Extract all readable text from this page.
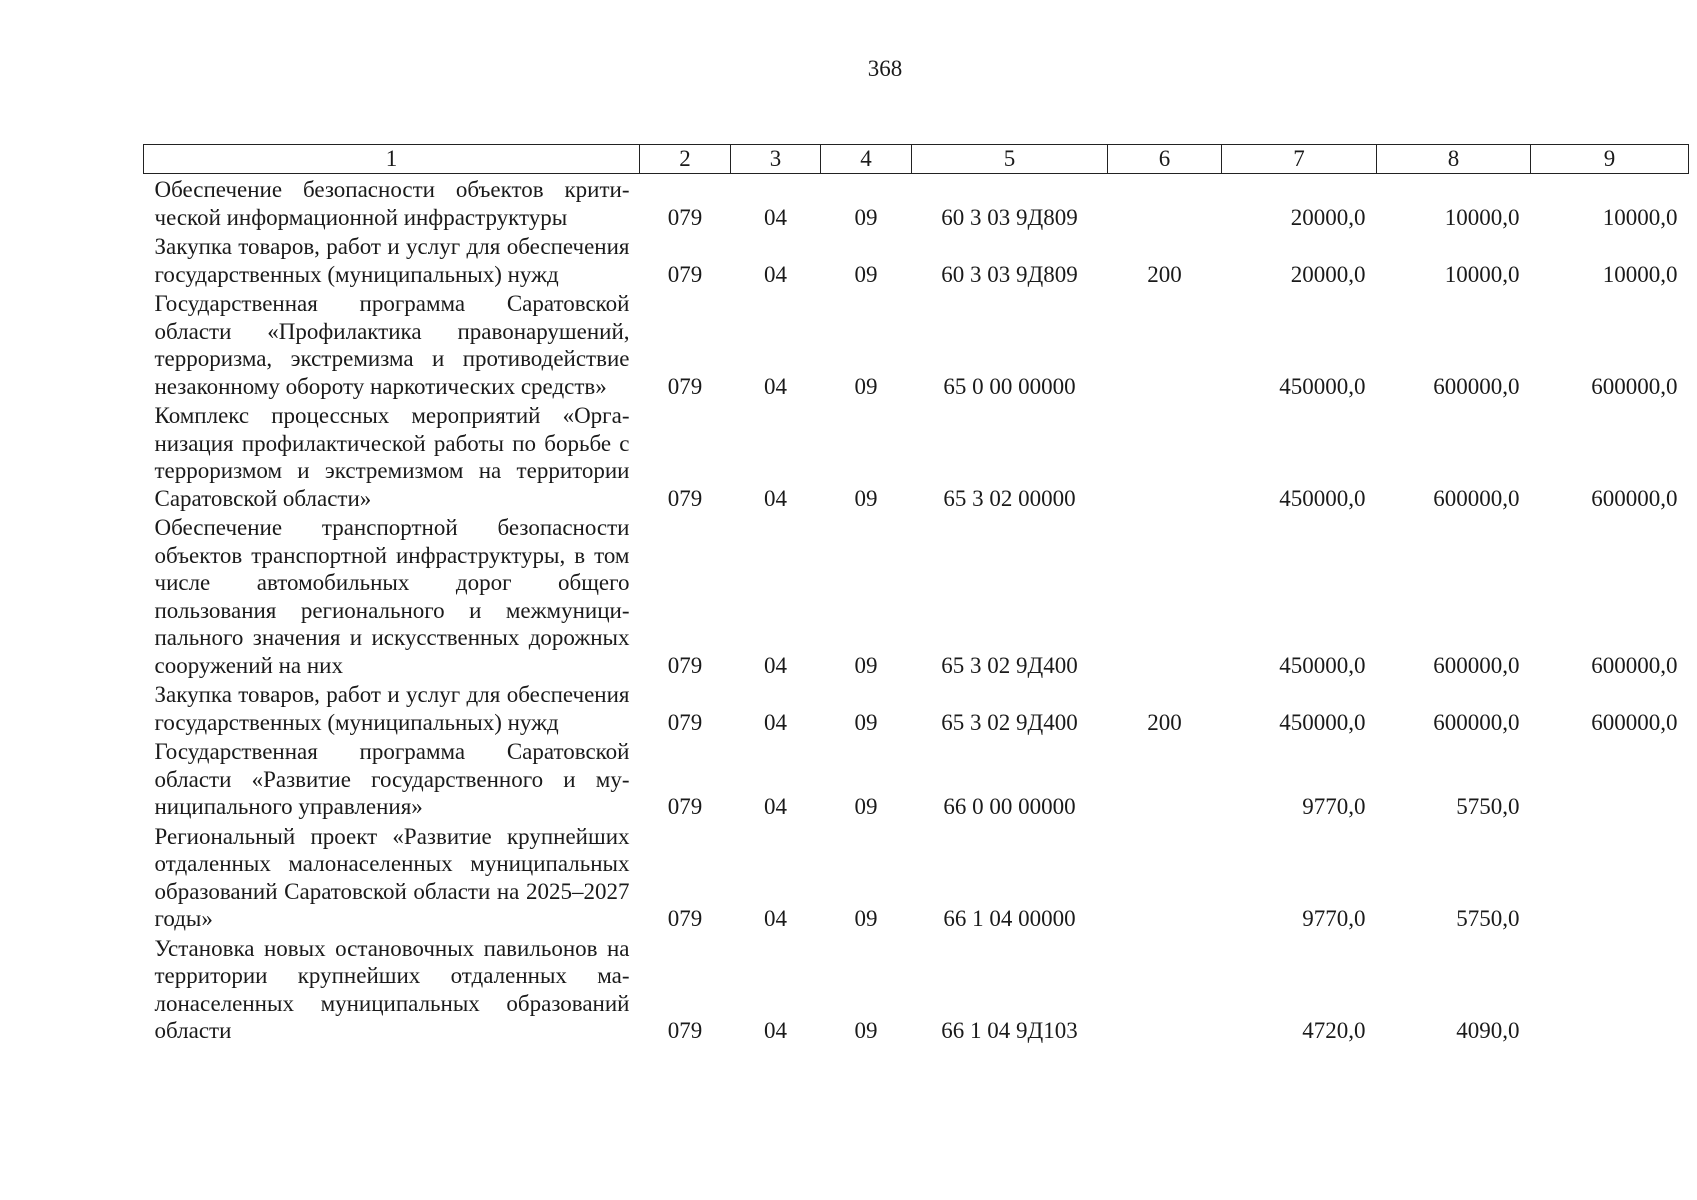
368
1	2	3	4	5	6	7	8	9
Обеспечение безопасности объектов критической информационной инфраструктуры	079	04	09	60 3 03 9Д809		20000,0	10000,0	10000,0
Закупка товаров, работ и услуг для обеспечения государственных (муниципальных) нужд	079	04	09	60 3 03 9Д809	200	20000,0	10000,0	10000,0
Государственная программа Саратовской области «Профилактика правонарушений, терроризма, экстремизма и противодействие незаконному обороту наркотических средств»	079	04	09	65 0 00 00000		450000,0	600000,0	600000,0
Комплекс процессных мероприятий «Организация профилактической работы по борьбе с терроризмом и экстремизмом на территории Саратовской области»	079	04	09	65 3 02 00000		450000,0	600000,0	600000,0
Обеспечение транспортной безопасности объектов транспортной инфраструктуры, в том числе автомобильных дорог общего пользования регионального и межмуниципального значения и искусственных дорожных сооружений на них	079	04	09	65 3 02 9Д400		450000,0	600000,0	600000,0
Закупка товаров, работ и услуг для обеспечения государственных (муниципальных) нужд	079	04	09	65 3 02 9Д400	200	450000,0	600000,0	600000,0
Государственная программа Саратовской области «Развитие государственного и муниципального управления»	079	04	09	66 0 00 00000		9770,0	5750,0	
Региональный проект «Развитие крупнейших отдаленных малонаселенных муниципальных образований Саратовской области на 2025–2027 годы»	079	04	09	66 1 04 00000		9770,0	5750,0	
Установка новых остановочных павильонов на территории крупнейших отдаленных малонаселенных муниципальных образований области	079	04	09	66 1 04 9Д103		4720,0	4090,0	
